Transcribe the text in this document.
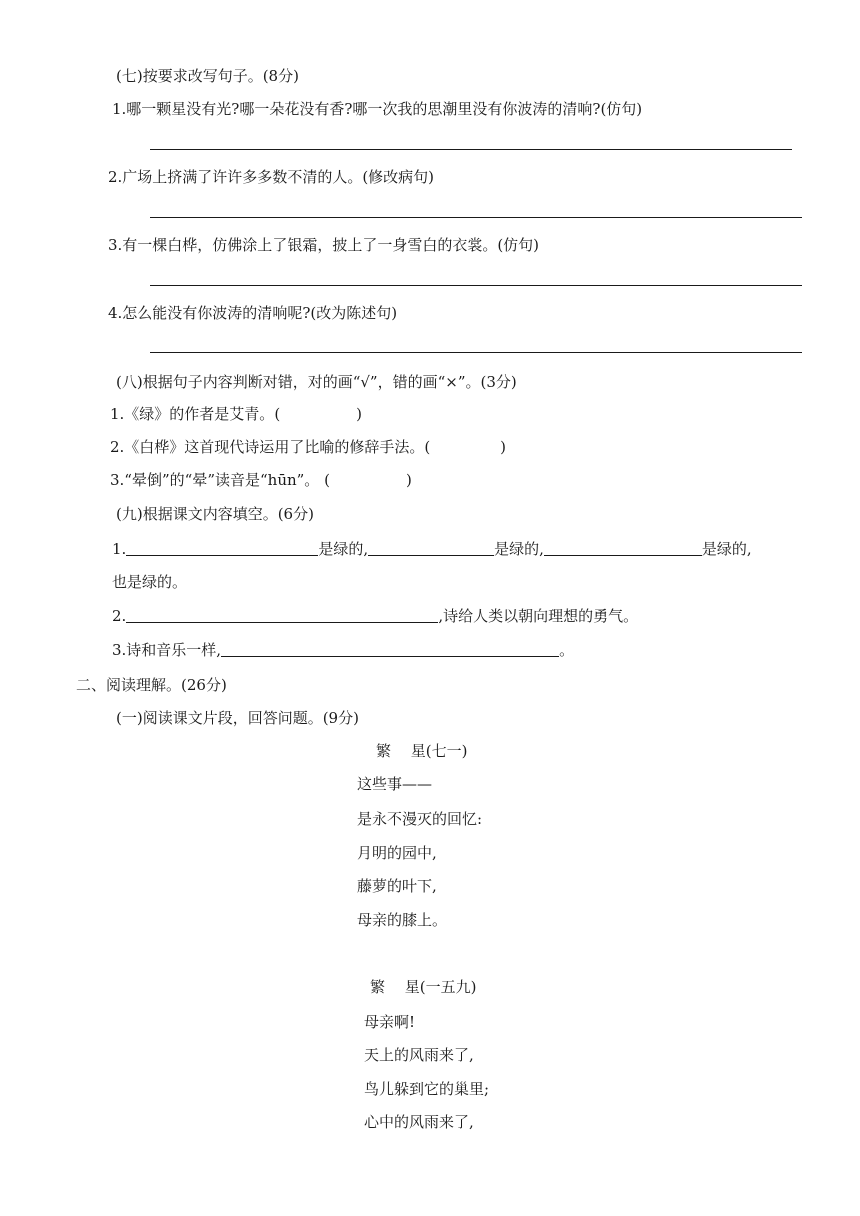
(七)按要求改写句子。(8分)
1.哪一颗星没有光?哪一朵花没有香?哪一次我的思潮里没有你波涛的清响?(仿句)
2.广场上挤满了许许多多数不清的人。(修改病句)
3.有一棵白桦，仿佛涂上了银霜，披上了一身雪白的衣裳。(仿句)
4.怎么能没有你波涛的清响呢?(改为陈述句)
(八)根据句子内容判断对错，对的画“√”，错的画“×”。(3分)
1.《绿》的作者是艾青。(	)
2.《白桦》这首现代诗运用了比喻的修辞手法。(	)
3.“晕倒”的“晕”读音是“hūn”。 (	)
(九)根据课文内容填空。(6分)
1.	是绿的,	是绿的,	是绿的,
也是绿的。
2.	,诗给人类以朝向理想的勇气。
3.诗和音乐一样,	。
二、阅读理解。(26分)
(一)阅读课文片段，回答问题。(9分)
繁　 星(七一)
这些事——
是永不漫灭的回忆:
月明的园中,
藤萝的叶下,
母亲的膝上。
繁　 星(一五九)
母亲啊!
天上的风雨来了,
鸟儿躲到它的巢里;
心中的风雨来了,
